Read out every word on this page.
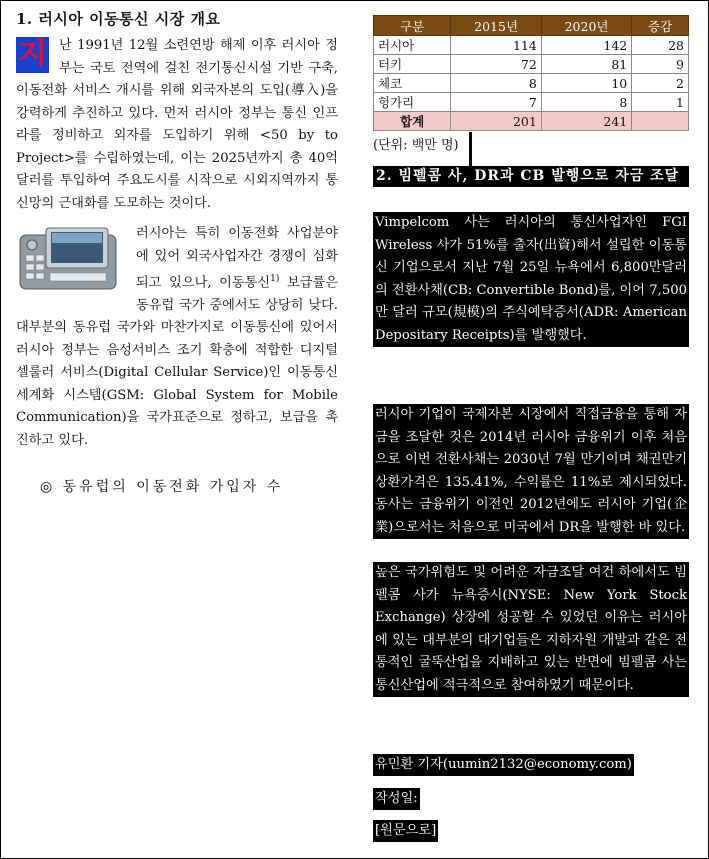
1. 러시아 이동통신 시장 개요

지 난 1991년 12월 소련연방 해제 이후 러시아 정부는 국토 전역에 걸친 전기통신시설 기반 구축, 이동전화 서비스 개시를 위해 외국자본의 도입(導入)을 강력하게 추진하고 있다. 먼저 러시아 정부는 통신 인프라를 정비하고 외자를 도입하기 위해 <50 by to Project>를 수립하였는데, 이는 2025년까지 총 40억 달러를 투입하여 주요도시를 시작으로 시외지역까지 통신망의 근대화를 도모하는 것이다.

러시아는 특히 이동전화 사업분야에 있어 외국사업자간 경쟁이 심화되고 있으나, 이동통신$^{1)}$ 보급률은 동유럽 국가 중에서도 상당히 낮다. 대부분의 동유럽 국가와 마찬가지로 이동통신에 있어서 러시아 정부는 음성서비스 조기 확충에 적합한 디지털 셀룰러 서비스(Digital Cellular Service)인 이동통신 세계화 시스템(GSM: Global System for Mobile Communication)을 국가표준으로 정하고, 보급을 촉진하고 있다.

◎ 동유럽의 이동전화 가입자 수
구분	2015년	2020년	증감
러시아	114	142	28
터키	72	81	9
체코	8	10	2
헝가리	7	8	1
합계	201	241	
(단위: 백만 명)
2. 빔펠콤 사, DR과 CB 발행으로 자금 조달
Vimpelcom 사는 러시아의 통신사업자인 FGI Wireless 사가 51%를 출자(出資)해서 설립한 이동통신 기업으로서 지난 7월 25일 뉴욕에서 6,800만달러의 전환사채(CB: Convertible Bond)를, 이어 7,500만 달러 규모(規模)의 주식예탁증서(ADR: American Depositary Receipts)를 발행했다.
러시아 기업이 국제자본 시장에서 직접금융을 통해 자금을 조달한 것은 2014년 러시아 금융위기 이후 처음으로 이번 전환사채는 2030년 7월 만기이며 채권만기 상환가격은 135.41%, 수익률은 11%로 제시되었다. 동사는 금융위기 이전인 2012년에도 러시아 기업(企業)으로서는 처음으로 미국에서 DR을 발행한 바 있다.
높은 국가위험도 및 어려운 자금조달 여건 하에서도 빔펠콤 사가 뉴욕증시(NYSE: New York Stock Exchange) 상장에 성공할 수 있었던 이유는 러시아에 있는 대부분의 대기업들은 지하자원 개발과 같은 전통적인 굴뚝산업을 지배하고 있는 반면에 빔펠콤 사는 통신산업에 적극적으로 참여하였기 때문이다.
유민환 기자(uumin2132@economy.com)
작성일:
[원문으로]
